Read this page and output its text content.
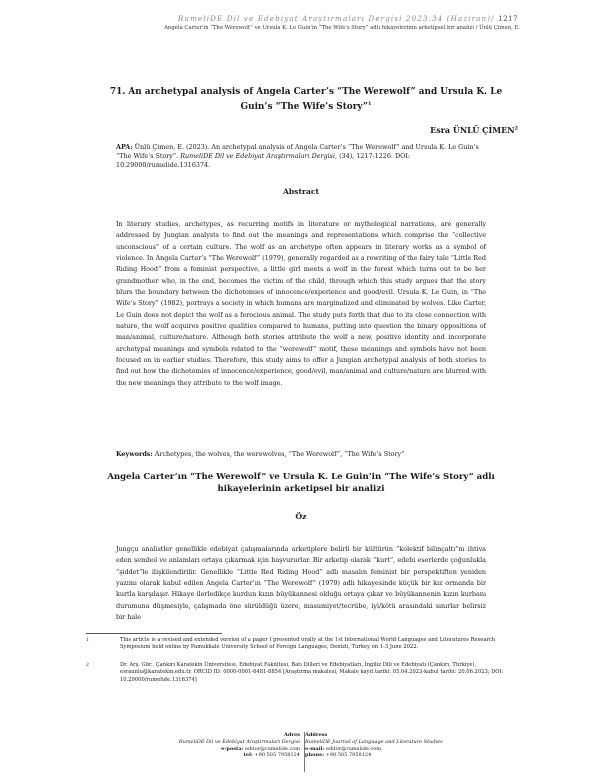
RumeliDE Dil ve Edebiyat Araştırmaları Dergisi 2023.34 (Haziran)/ 1217
Angela Carter'in “The Werewolf” ve Ursula K. Le Guin'in “The Wife's Story” adlı hikayelerinin arketipsel bir analizi / Ünlü Çimen, E.
71. An archetypal analysis of Angela Carter’s “The Werewolf” and Ursula K. Le Guin’s “The Wife’s Story”$^1$
Esra ÜNLÜ ÇİMEN$^2$
APA: Ünlü Çimen, E. (2023). An archetypal analysis of Angela Carter’s “The Werewolf” and Ursula K. Le Guin’s “The Wife’s Story”. RumeliDE Dil ve Edebiyat Araştırmaları Dergisi, (34), 1217-1226. DOI: 10.29000/rumelide.1316374.
Abstract
In literary studies, archetypes, as recurring motifs in literature or mythological narrations, are generally addressed by Jungian analysts to find out the meanings and representations which comprise the “collective unconscious” of a certain culture. The wolf as an archetype often appears in literary works as a symbol of violence. In Angela Carter’s “The Werewolf” (1979), generally regarded as a rewriting of the fairy tale “Little Red Riding Hood” from a feminist perspective, a little girl meets a wolf in the forest which turns out to be her grandmother who, in the end, becomes the victim of the child, through which this study argues that the story blurs the boundary between the dichotomies of innocence/experience and good/evil. Ursula K. Le Guin, in “The Wife’s Story” (1982), portrays a society in which humans are marginalized and eliminated by wolves. Like Carter, Le Guin does not depict the wolf as a ferocious animal. The study puts forth that due to its close connection with nature, the wolf acquires positive qualities compared to humans, putting into question the binary oppositions of man/animal, culture/nature. Although both stories attribute the wolf a new, positive identity and incorporate archetypal meanings and symbols related to the “werewolf” motif, these meanings and symbols have not been focused on in earlier studies. Therefore, this study aims to offer a Jungian archetypal analysis of both stories to find out how the dichotomies of innocence/experience, good/evil, man/animal and culture/nature are blurred with the new meanings they attribute to the wolf image.
Keywords: Archetypes, the wolves, the werewolves, “The Werewolf”, “The Wife’s Story”
Angela Carter’ın “The Werewolf” ve Ursula K. Le Guin’in “The Wife’s Story” adlı hikayelerinin arketipsel bir analizi
Öz
Jungçu analistler genellikle edebiyat çalışmalarında arketiplere belirli bir kültürün “kolektif bilinçaltı”nı ihtiva eden sembol ve anlamları ortaya çıkarmak için başvururlar. Bir arketip olarak “kurt”, edebi eserlerde çoğunlukla “şiddet”le ilişkilendirilir. Genellikle “Little Red Riding Hood” adlı masalın feminist bir perspektiften yeniden yazımı olarak kabul edilen Angela Carter’ın “The Werewolf” (1979) adlı hikayesinde küçük bir kız ormanda bir kurtla karşılaşır. Hikaye ilerledikçe kurdun kızın büyükannesi olduğu ortaya çıkar ve büyükannenin kızın kurbanı durumuna düşmesiyle, çalışmada öne sürüldüğü üzere, masumiyet/tecrübe, iyi/kötü arasındaki sınırlar belirsiz bir hale
1	This article is a revised and extended version of a paper I presented orally at the 1st International World Languages and Literatures Research Symposium held online by Pamukkale University School of Foreign Languages, Denizli, Turkey on 1-3 June 2022.
2	Dr. Arş. Gör., Çankırı Karatekin Üniversitesi, Edebiyat Fakültesi, Batı Dilleri ve Edebiyatları, İngiliz Dili ve Edebiyatı (Çankırı, Türkiye), esraunlu@karatekin.edu.tr, ORCID ID: 0000-0001-6481-8854 [Araştırma makalesi, Makale kayıt tarihi: 05.04.2023-kabul tarihi: 20.06.2023; DOI: 10.29000/rumelide.1316374]
Adres
RumeliDE Dil ve Edebiyat Araştırmaları Dergisi
e-posta: editor@rumelide.com
tel: +90 505 7958124
Address
RumeliDE Journal of Language and Literature Studies
e-mail: editor@rumelide.com,
phone: +90 505 7958124
